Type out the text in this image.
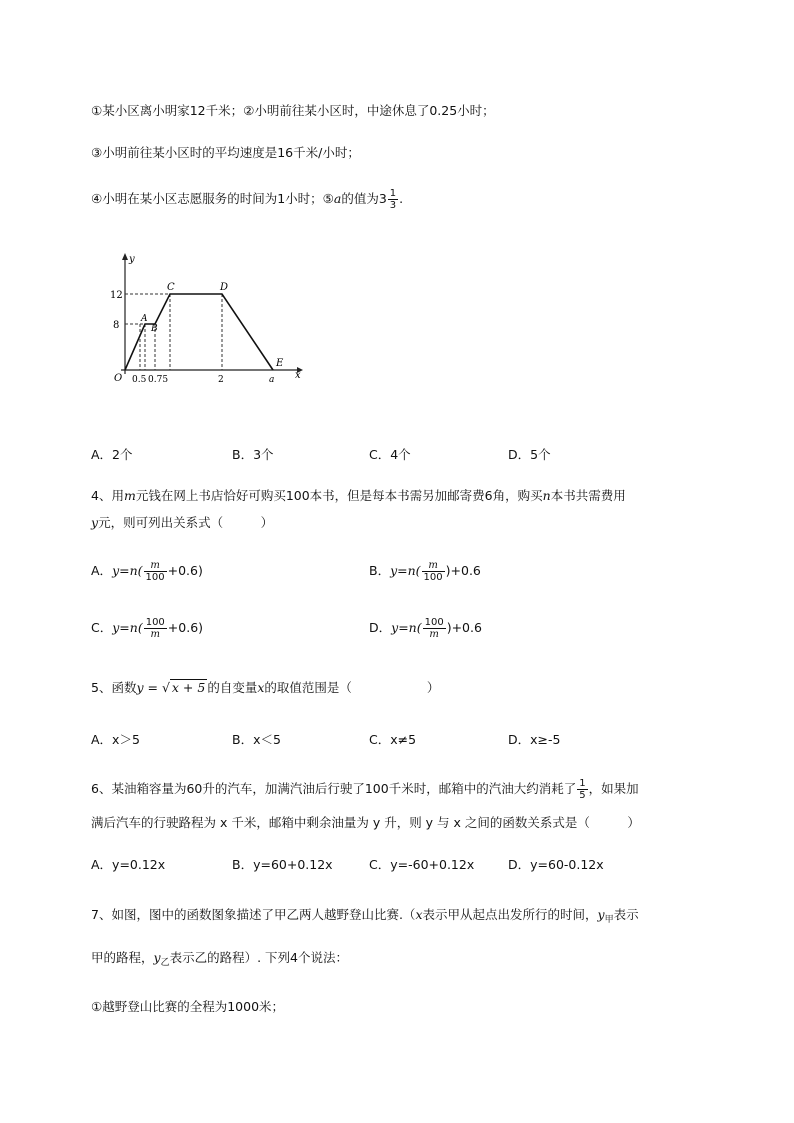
①某小区离小明家12千米；②小明前往某小区时，中途休息了0.25小时；
③小明前往某小区时的平均速度是16千米/小时；
④小明在某小区志愿服务的时间为1小时；⑤a的值为$3 \frac{1}{3}$ .
y
x
O
12
8
0.5 0.75	2	a
A
B
C	D
E
A．2个	B．3个	C．4个	D．5个
4、用m元钱在网上书店恰好可购买100本书，但是每本书需另加邮寄费6角，购买n本书共需费用
y元，则可列出关系式（　　　）
A．$y=n( \frac{m}{100} +0.6)$	B．$y=n( \frac{m}{100} )+0.6$
C．$y=n( \frac{100}{m} +0.6)$	D．$y=n( \frac{100}{m} )+0.6$
5、函数y = √ x + 5 的自变量x的取值范围是（　　　　　　）
A．x＞5	B．x＜5	C．x≠5	D．x≥-5
6、某油箱容量为60升的汽车，加满汽油后行驶了100千米时，邮箱中的汽油大约消耗了 $\frac{1}{5}$ ，如果加
满后汽车的行驶路程为 x 千米，邮箱中剩余油量为 y 升，则 y 与 x 之间的函数关系式是（　　　）
A．y=0.12x	B．y=60+0.12x	C．y=-60+0.12x	D．y=60-0.12x
7、如图，图中的函数图象描述了甲乙两人越野登山比赛.（x表示甲从起点出发所行的时间，$y_甲$表示
甲的路程，$y_乙$表示乙的路程）. 下列4个说法：
①越野登山比赛的全程为1000米；
